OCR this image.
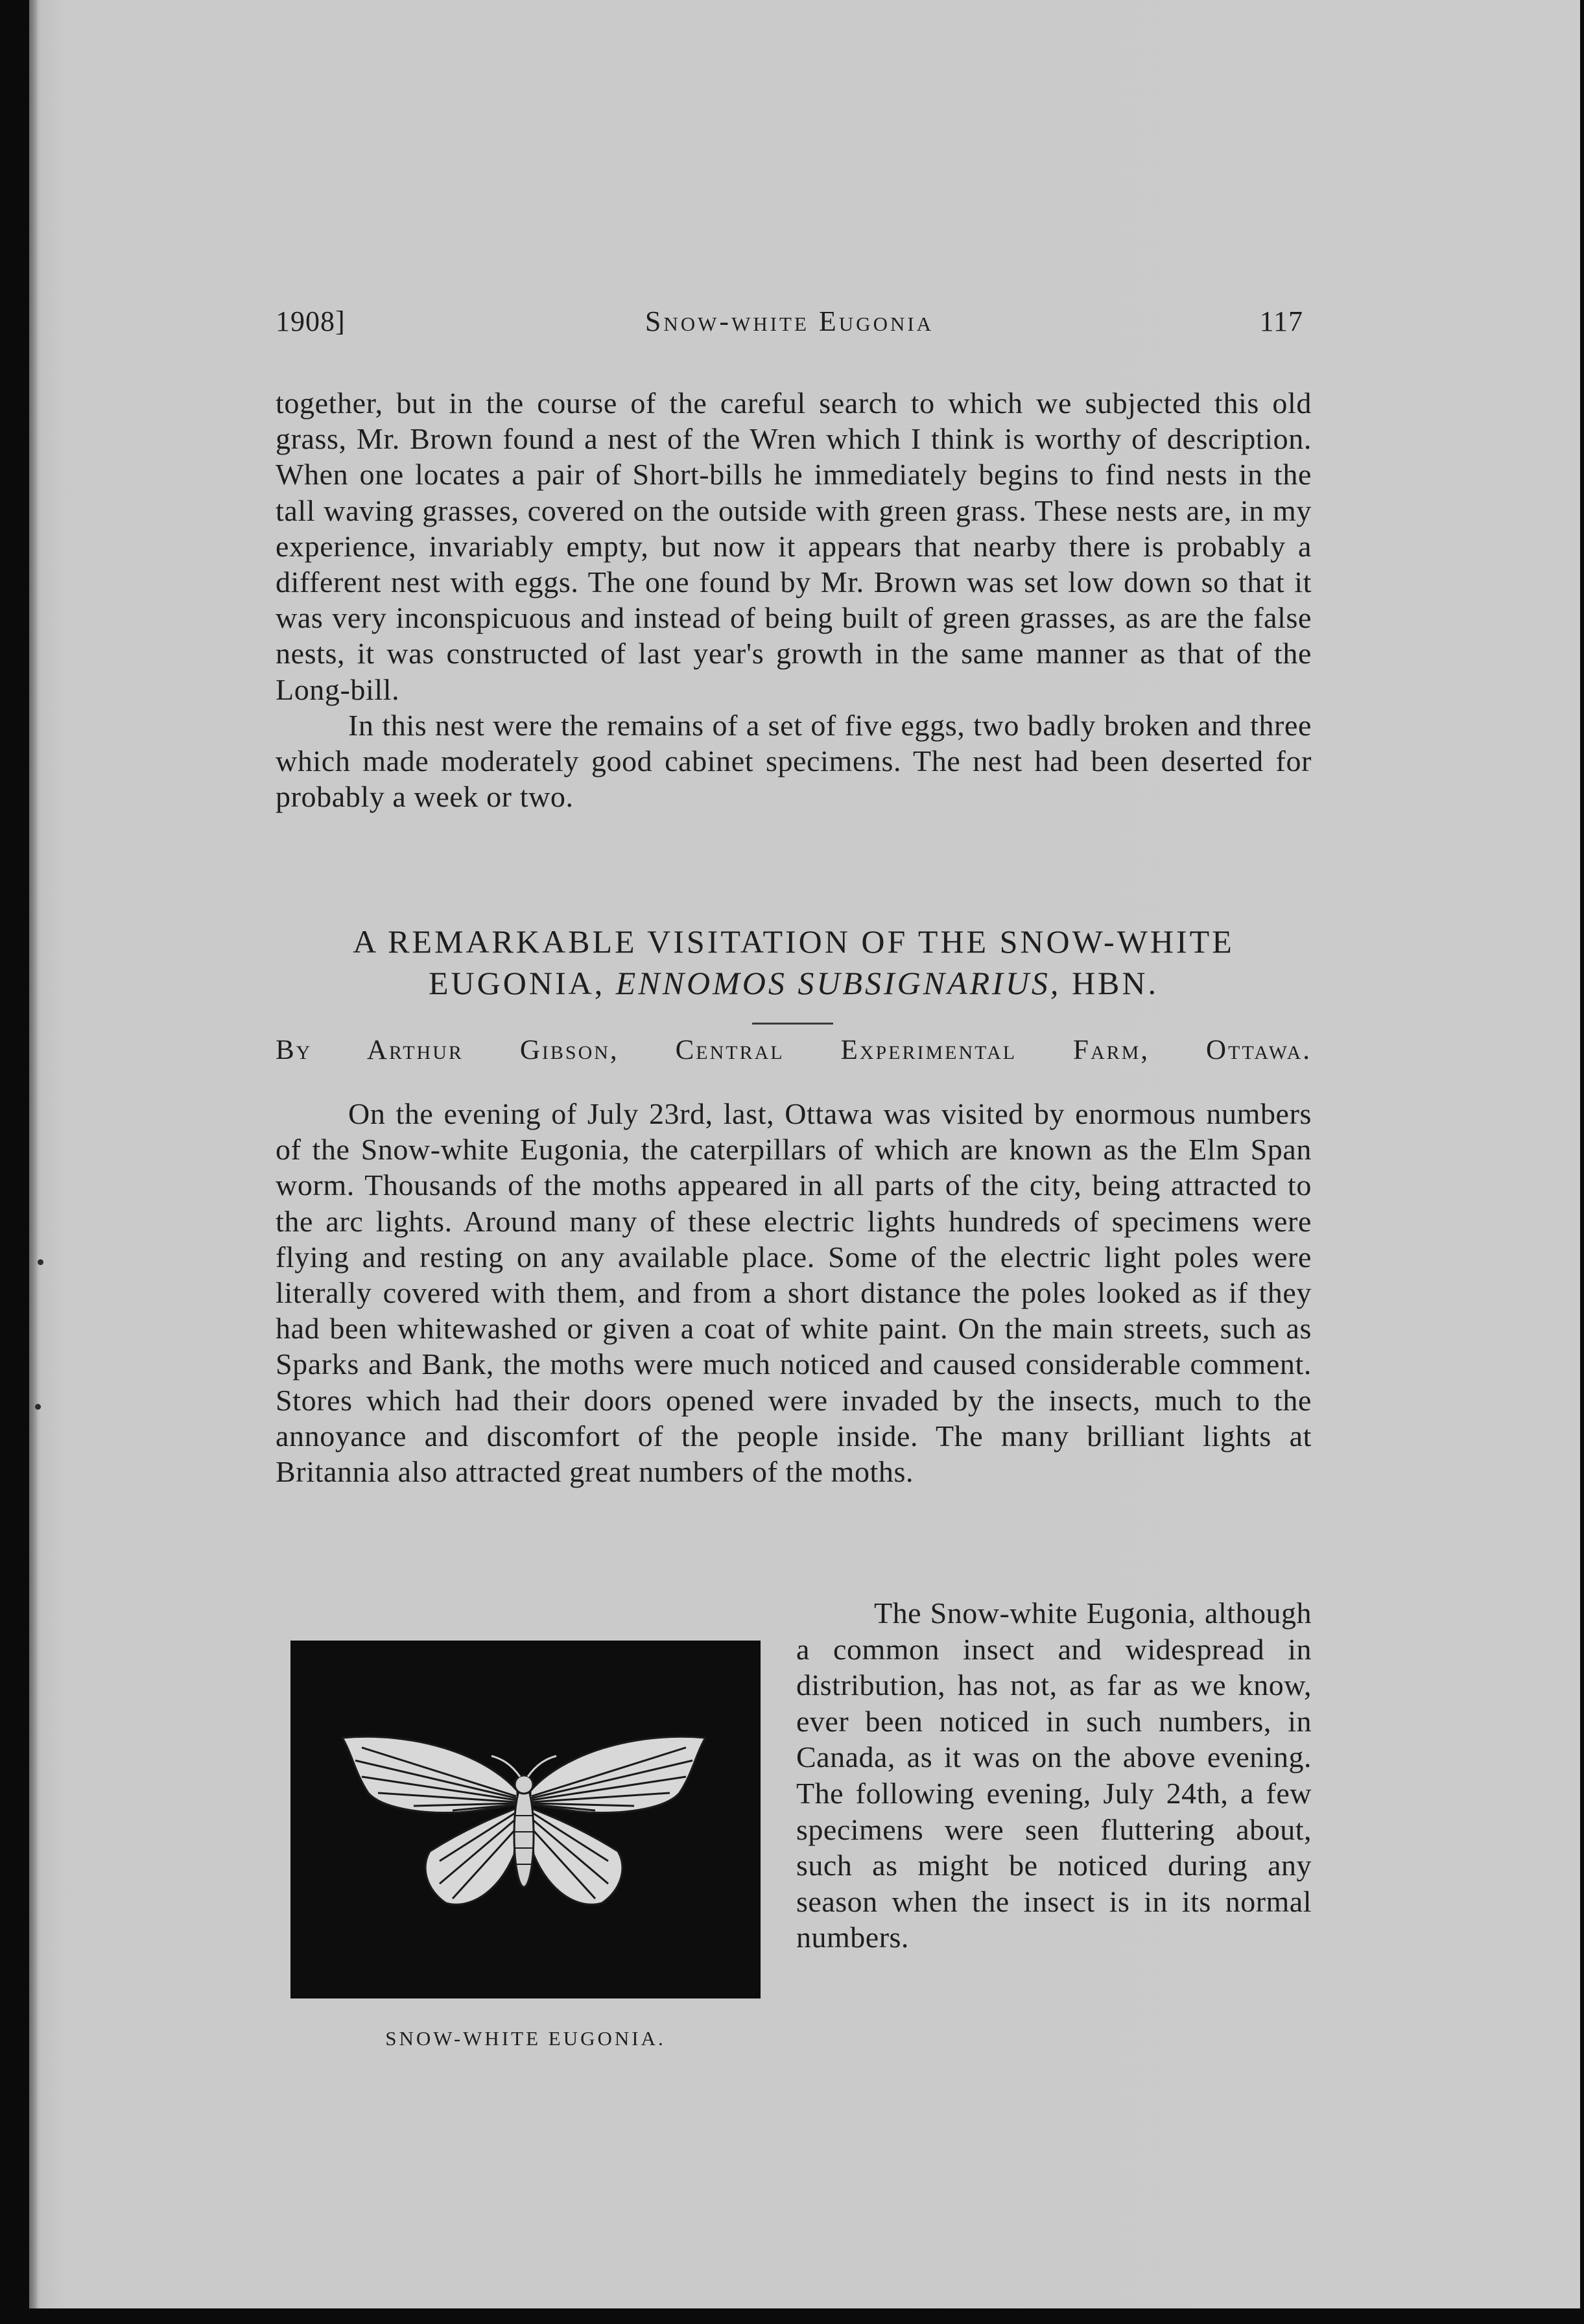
1908]	Snow-white Eugonia	117

together, but in the course of the careful search to which we subjected this old grass, Mr. Brown found a nest of the Wren which I think is worthy of description. When one locates a pair of Short-bills he immediately begins to find nests in the tall waving grasses, covered on the outside with green grass. These nests are, in my experience, invariably empty, but now it appears that nearby there is probably a different nest with eggs. The one found by Mr. Brown was set low down so that it was very inconspicuous and instead of being built of green grasses, as are the false nests, it was constructed of last year's growth in the same manner as that of the Long-bill.

In this nest were the remains of a set of five eggs, two badly broken and three which made moderately good cabinet specimens. The nest had been deserted for probably a week or two.

A REMARKABLE VISITATION OF THE SNOW-WHITE
EUGONIA, ENNOMOS SUBSIGNARIUS, HBN.
By Arthur Gibson, Central Experimental Farm, Ottawa.
On the evening of July 23rd, last, Ottawa was visited by enormous numbers of the Snow-white Eugonia, the caterpillars of which are known as the Elm Span worm. Thousands of the moths appeared in all parts of the city, being attracted to the arc lights. Around many of these electric lights hundreds of specimens were flying and resting on any available place. Some of the electric light poles were literally covered with them, and from a short distance the poles looked as if they had been whitewashed or given a coat of white paint. On the main streets, such as Sparks and Bank, the moths were much noticed and caused considerable comment. Stores which had their doors opened were invaded by the insects, much to the annoyance and discomfort of the people inside. The many brilliant lights at Britannia also attracted great numbers of the moths.

The Snow-white Eugonia, although a common insect and widespread in distribution, has not, as far as we know, ever been noticed in such numbers, in Canada, as it was on the above evening. The following evening, July 24th, a few specimens were seen fluttering about, such as might be noticed during any season when the insect is in its normal numbers.

SNOW-WHITE EUGONIA.
